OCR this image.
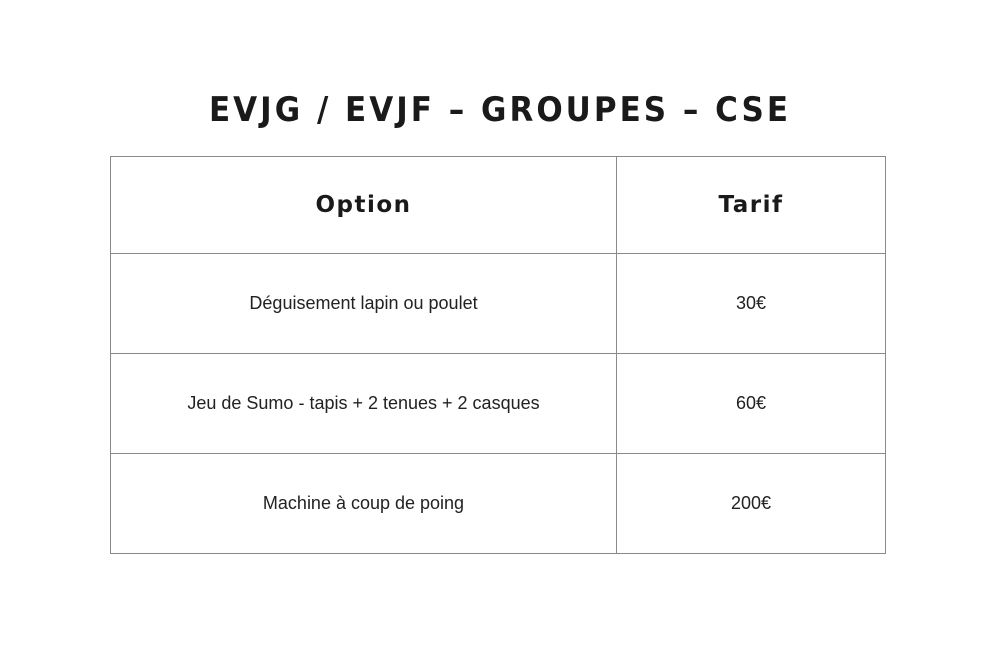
EVJG / EVJF – GROUPES – CSE
Option	Tarif
Déguisement lapin ou poulet	30€
Jeu de Sumo - tapis + 2 tenues + 2 casques	60€
Machine à coup de poing	200€
